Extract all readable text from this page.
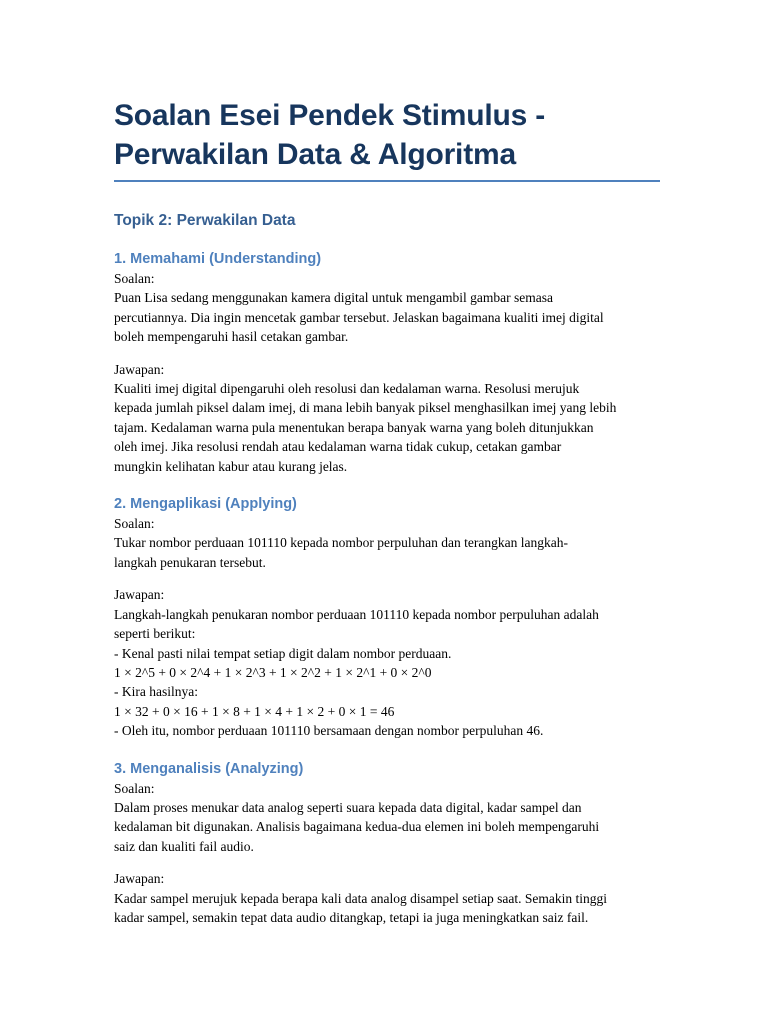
Soalan Esei Pendek Stimulus -
Perwakilan Data & Algoritma
Topik 2: Perwakilan Data
1. Memahami (Understanding)

Soalan:
Puan Lisa sedang menggunakan kamera digital untuk mengambil gambar semasa
percutiannya. Dia ingin mencetak gambar tersebut. Jelaskan bagaimana kualiti imej digital
boleh mempengaruhi hasil cetakan gambar.

Jawapan:
Kualiti imej digital dipengaruhi oleh resolusi dan kedalaman warna. Resolusi merujuk
kepada jumlah piksel dalam imej, di mana lebih banyak piksel menghasilkan imej yang lebih
tajam. Kedalaman warna pula menentukan berapa banyak warna yang boleh ditunjukkan
oleh imej. Jika resolusi rendah atau kedalaman warna tidak cukup, cetakan gambar
mungkin kelihatan kabur atau kurang jelas.

2. Mengaplikasi (Applying)

Soalan:
Tukar nombor perduaan 101110 kepada nombor perpuluhan dan terangkan langkah-
langkah penukaran tersebut.

Jawapan:
Langkah-langkah penukaran nombor perduaan 101110 kepada nombor perpuluhan adalah
seperti berikut:
- Kenal pasti nilai tempat setiap digit dalam nombor perduaan.
1 × 2^5 + 0 × 2^4 + 1 × 2^3 + 1 × 2^2 + 1 × 2^1 + 0 × 2^0
- Kira hasilnya:
1 × 32 + 0 × 16 + 1 × 8 + 1 × 4 + 1 × 2 + 0 × 1 = 46
- Oleh itu, nombor perduaan 101110 bersamaan dengan nombor perpuluhan 46.

3. Menganalisis (Analyzing)

Soalan:
Dalam proses menukar data analog seperti suara kepada data digital, kadar sampel dan
kedalaman bit digunakan. Analisis bagaimana kedua-dua elemen ini boleh mempengaruhi
saiz dan kualiti fail audio.

Jawapan:
Kadar sampel merujuk kepada berapa kali data analog disampel setiap saat. Semakin tinggi
kadar sampel, semakin tepat data audio ditangkap, tetapi ia juga meningkatkan saiz fail.
